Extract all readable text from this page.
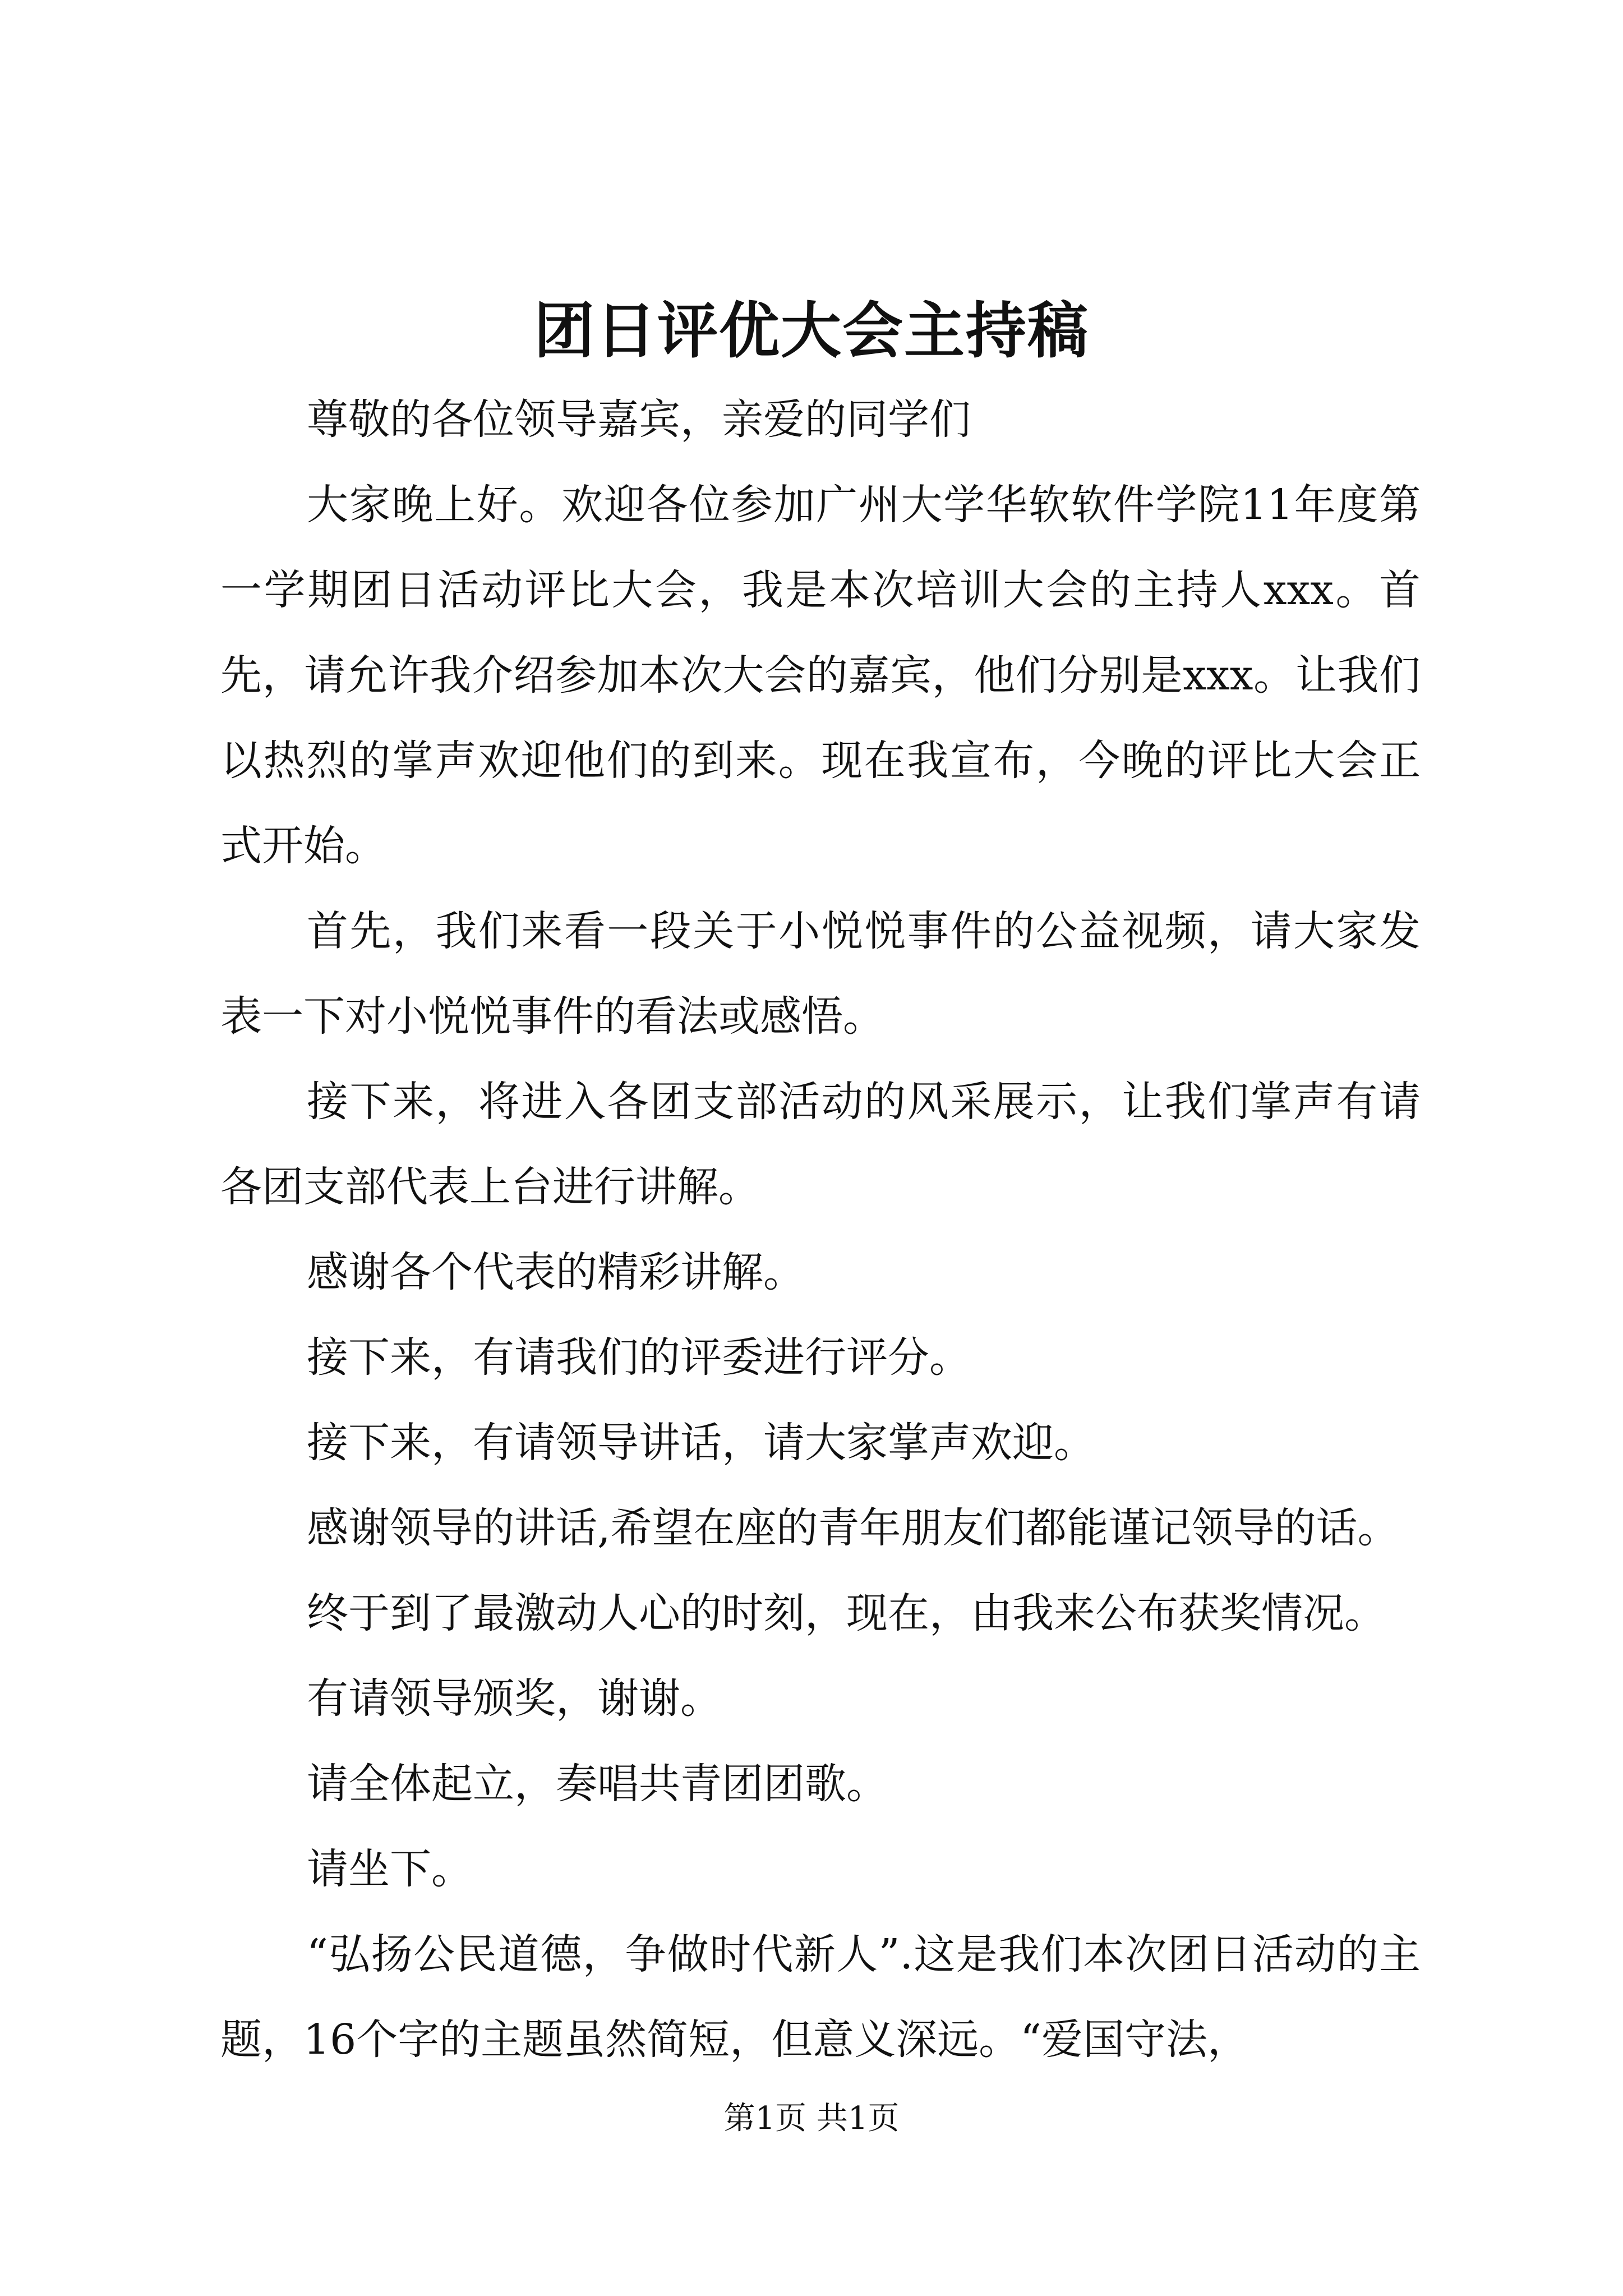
团日评优大会主持稿

尊敬的各位领导嘉宾，亲爱的同学们

大家晚上好。欢迎各位参加广州大学华软软件学院11年度第一学期团日活动评比大会，我是本次培训大会的主持人xxx。首先，请允许我介绍参加本次大会的嘉宾，他们分别是xxx。让我们以热烈的掌声欢迎他们的到来。现在我宣布，今晚的评比大会正式开始。

首先，我们来看一段关于小悦悦事件的公益视频，请大家发表一下对小悦悦事件的看法或感悟。

接下来，将进入各团支部活动的风采展示，让我们掌声有请各团支部代表上台进行讲解。

感谢各个代表的精彩讲解。

接下来，有请我们的评委进行评分。

接下来，有请领导讲话，请大家掌声欢迎。

感谢领导的讲话,希望在座的青年朋友们都能谨记领导的话。

终于到了最激动人心的时刻，现在，由我来公布获奖情况。

有请领导颁奖，谢谢。

请全体起立，奏唱共青团团歌。

请坐下。

“弘扬公民道德，争做时代新人”.这是我们本次团日活动的主题，16个字的主题虽然简短，但意义深远。“爱国守法，

第1页 共1页
